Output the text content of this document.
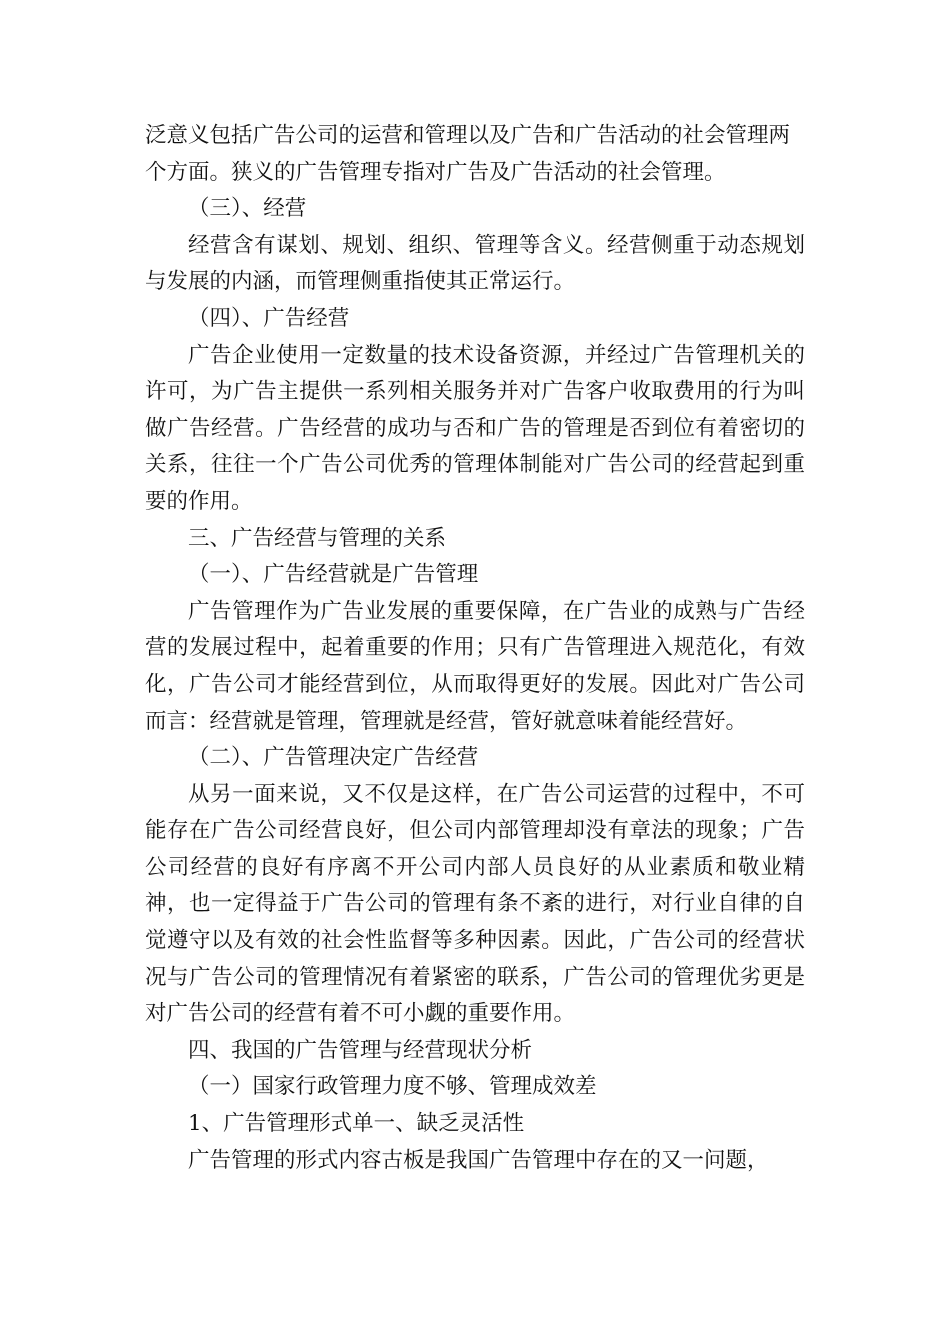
泛意义包括广告公司的运营和管理以及广告和广告活动的社会管理两个方面。狭义的广告管理专指对广告及广告活动的社会管理。

（三）、经营

经营含有谋划、规划、组织、管理等含义。经营侧重于动态规划与发展的内涵，而管理侧重指使其正常运行。

（四）、广告经营

广告企业使用一定数量的技术设备资源，并经过广告管理机关的许可，为广告主提供一系列相关服务并对广告客户收取费用的行为叫做广告经营。广告经营的成功与否和广告的管理是否到位有着密切的关系，往往一个广告公司优秀的管理体制能对广告公司的经营起到重要的作用。

三、广告经营与管理的关系

（一）、广告经营就是广告管理

广告管理作为广告业发展的重要保障，在广告业的成熟与广告经营的发展过程中，起着重要的作用；只有广告管理进入规范化，有效化，广告公司才能经营到位，从而取得更好的发展。因此对广告公司而言：经营就是管理，管理就是经营，管好就意味着能经营好。

（二）、广告管理决定广告经营

从另一面来说，又不仅是这样，在广告公司运营的过程中，不可能存在广告公司经营良好，但公司内部管理却没有章法的现象；广告公司经营的良好有序离不开公司内部人员良好的从业素质和敬业精神，也一定得益于广告公司的管理有条不紊的进行，对行业自律的自觉遵守以及有效的社会性监督等多种因素。因此，广告公司的经营状况与广告公司的管理情况有着紧密的联系，广告公司的管理优劣更是对广告公司的经营有着不可小觑的重要作用。

四、我国的广告管理与经营现状分析

（一）国家行政管理力度不够、管理成效差

1、广告管理形式单一、缺乏灵活性

广告管理的形式内容古板是我国广告管理中存在的又一问题，
